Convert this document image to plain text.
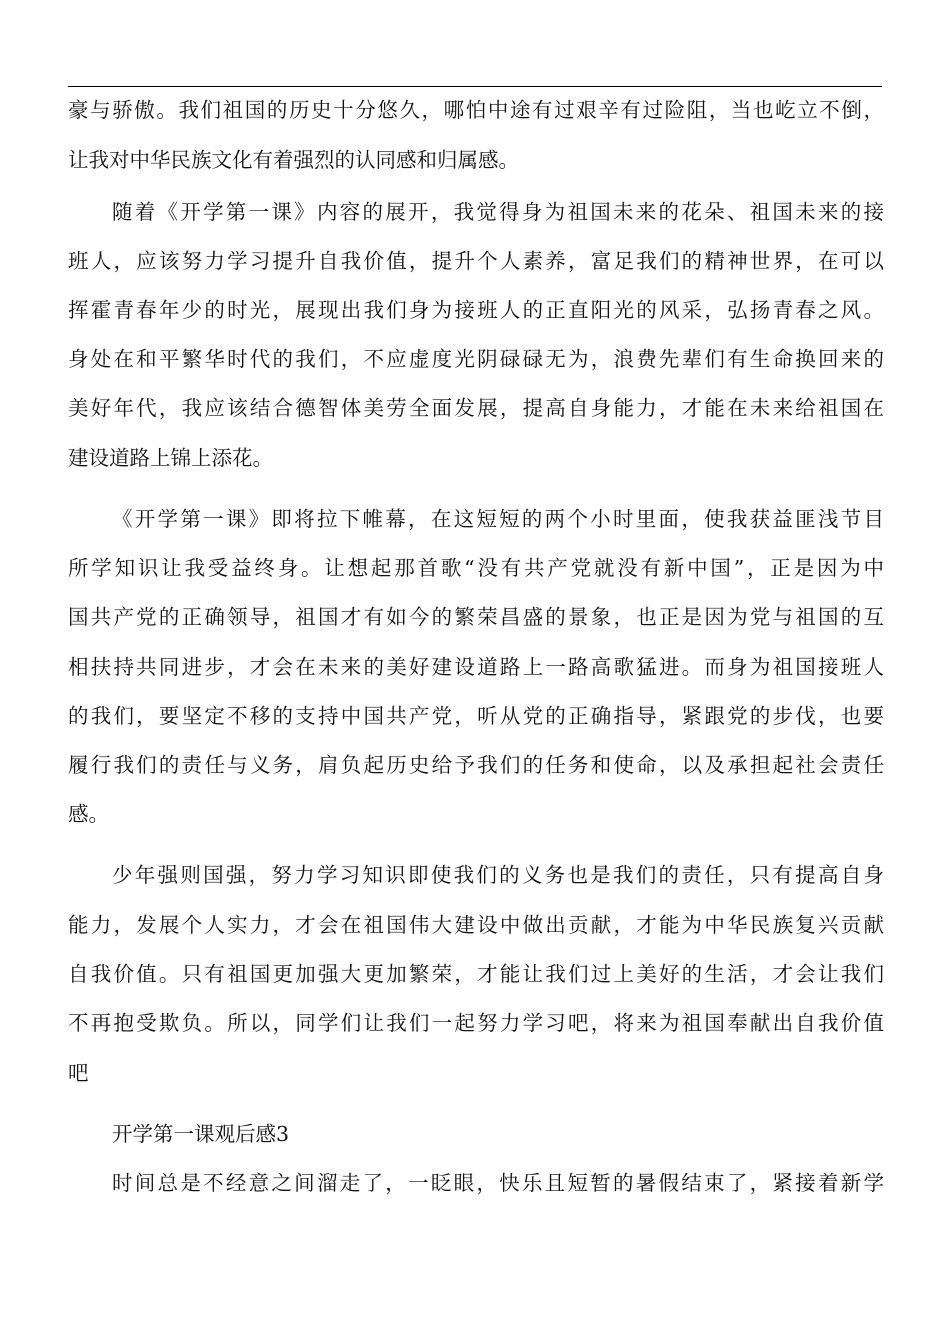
豪与骄傲。我们祖国的历史十分悠久，哪怕中途有过艰辛有过险阻，当也屹立不倒，
让我对中华民族文化有着强烈的认同感和归属感。
随着《开学第一课》内容的展开，我觉得身为祖国未来的花朵、祖国未来的接
班人，应该努力学习提升自我价值，提升个人素养，富足我们的精神世界，在可以
挥霍青春年少的时光，展现出我们身为接班人的正直阳光的风采，弘扬青春之风。
身处在和平繁华时代的我们，不应虚度光阴碌碌无为，浪费先辈们有生命换回来的
美好年代，我应该结合德智体美劳全面发展，提高自身能力，才能在未来给祖国在
建设道路上锦上添花。
《开学第一课》即将拉下帷幕，在这短短的两个小时里面，使我获益匪浅节目
所学知识让我受益终身。让想起那首歌“没有共产党就没有新中国”，正是因为中
国共产党的正确领导，祖国才有如今的繁荣昌盛的景象，也正是因为党与祖国的互
相扶持共同进步，才会在未来的美好建设道路上一路高歌猛进。而身为祖国接班人
的我们，要坚定不移的支持中国共产党，听从党的正确指导，紧跟党的步伐，也要
履行我们的责任与义务，肩负起历史给予我们的任务和使命，以及承担起社会责任
感。
少年强则国强，努力学习知识即使我们的义务也是我们的责任，只有提高自身
能力，发展个人实力，才会在祖国伟大建设中做出贡献，才能为中华民族复兴贡献
自我价值。只有祖国更加强大更加繁荣，才能让我们过上美好的生活，才会让我们
不再抱受欺负。所以，同学们让我们一起努力学习吧，将来为祖国奉献出自我价值
吧
开学第一课观后感3
时间总是不经意之间溜走了，一眨眼，快乐且短暂的暑假结束了，紧接着新学
